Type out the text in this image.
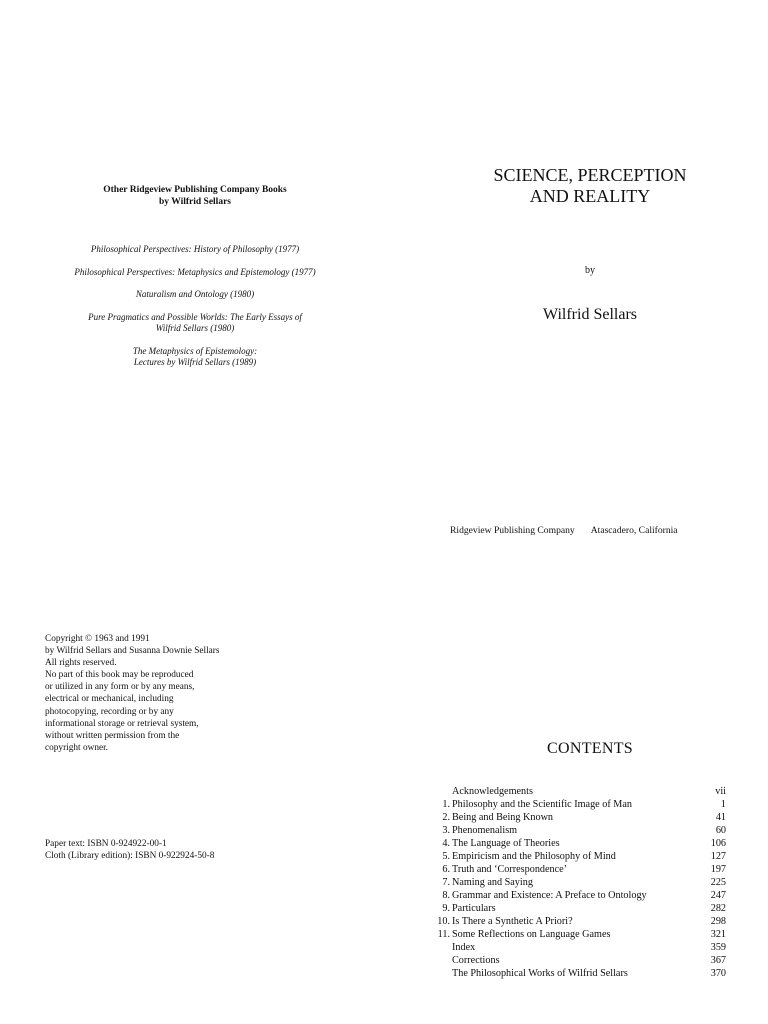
Other Ridgeview Publishing Company Books
by Wilfrid Sellars
Philosophical Perspectives: History of Philosophy (1977)
Philosophical Perspectives: Metaphysics and Epistemology (1977)
Naturalism and Ontology (1980)
Pure Pragmatics and Possible Worlds: The Early Essays of
Wilfrid Sellars (1980)
The Metaphysics of Epistemology:
Lectures by Wilfrid Sellars (1989)
Copyright © 1963 and 1991
by Wilfrid Sellars and Susanna Downie Sellars
All rights reserved.
No part of this book may be reproduced
or utilized in any form or by any means,
electrical or mechanical, including
photocopying, recording or by any
informational storage or retrieval system,
without written permission from the
copyright owner.
Paper text: ISBN 0-924922-00-1
Cloth (Library edition): ISBN 0-922924-50-8
SCIENCE, PERCEPTION
AND REALITY
by
Wilfrid Sellars
Ridgeview Publishing Company Atascadero, California
CONTENTS
Acknowledgements	vii
1. Philosophy and the Scientific Image of Man	1
2. Being and Being Known	41
3. Phenomenalism	60
4. The Language of Theories	106
5. Empiricism and the Philosophy of Mind	127
6. Truth and ‘Correspondence’	197
7. Naming and Saying	225
8. Grammar and Existence: A Preface to Ontology	247
9. Particulars	282
10. Is There a Synthetic A Priori?	298
11. Some Reflections on Language Games	321
Index	359
Corrections	367
The Philosophical Works of Wilfrid Sellars	370
